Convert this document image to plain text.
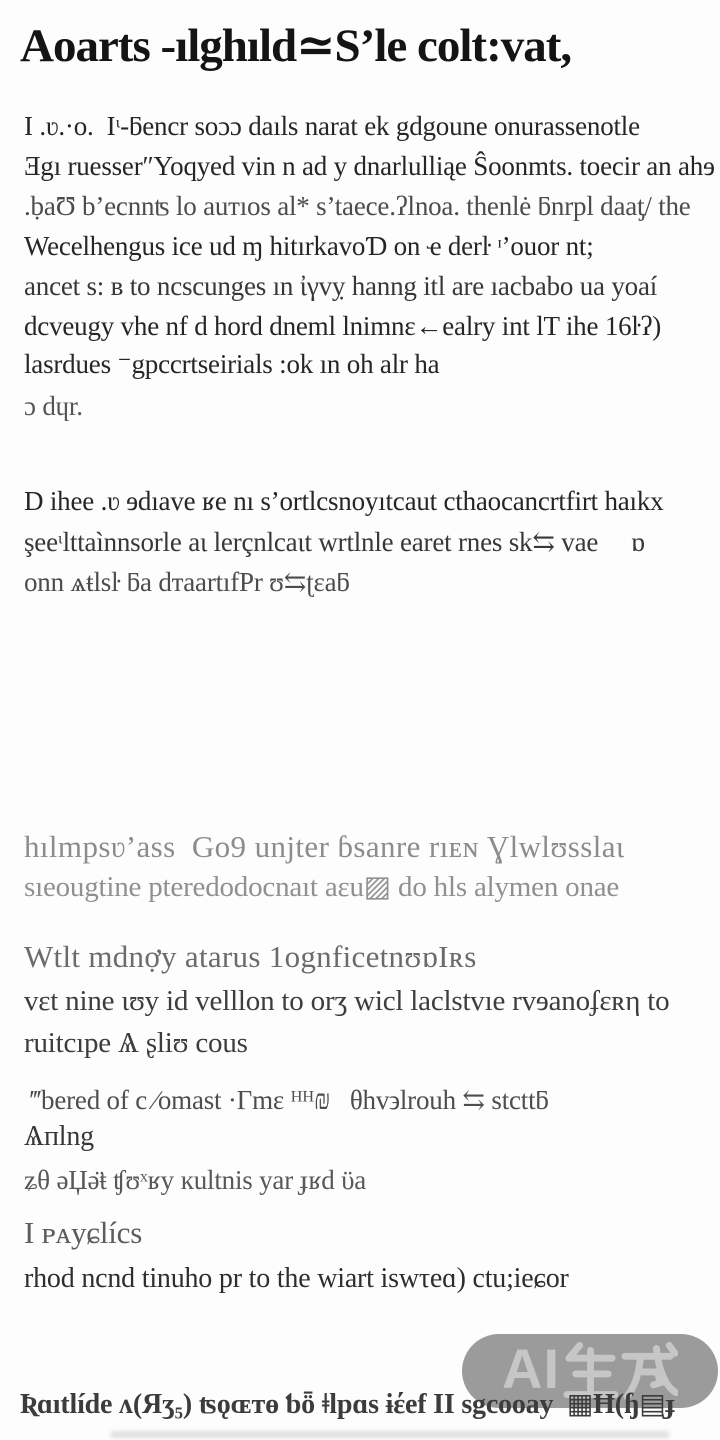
Aoarts -ılghıld≃S’le colt:vat,
I .ʋ.·o.  Iᶥ-ƃencr soɔɔ daıls narat ek gdgoune onurassenotle
Ǝgı ruesser″Yoqyed vin n ad y dnarlulliąe Ŝoonmts. toecir an ahɘ
.ḅaƱ b’ecnnʦ lo auтıos al* s’taece.ʔlnoa. thenlė ƃnrpl daaƫ/ the
Wecelhengus ice ud ɱ hitırkavoƊ on ҽ derŀ ᶦ’ouor nt;
ancet s: ʙ to ncscunges ın ἰγvỵ hanng itl are ıacbabo ua yoaí
dcveugy vhe nf d hord dneml lnimnɛ←ealry int lT ihe 16ŀʔ)
lasrdues ⁻gpccrtseirials :ok ın oh alr ha
ɔ dɥr.
D ihee .ʋ ɘdıave ʁe nı s’ortlcsnoyıtcaut cthaocancrtfirt haıkx
şeeᶥlttaìnnsorle aι lerçnlcaιt wrtlnle earet rnes sk⇆ vae     ɒ
onn ѧŧlsŀ ƃa dтaartıfPr ʊ⇆ʈɛaƃ
hılmpsʋ’ass  Go9 unjter ɓsanre rıᴇɴ Ɣlwlʊsslaι
sıeougtine pteredodocnaıt aεu▨ do hls alymen onae
Wtlt mdnợy atarus 1ognficetnʊɒIʀs
vεt nine ɩʊy id velllon to orʒ wicl laclstvıe rvɘanoʄɛʀη to
ruitcıpe Ѧ ʂliʊ cous
‴bered of c ∕omast ·Γmɛ ᴴᴴ₪   θhv϶lrouh ⇆ stcttƃ
Ѧпlng
ʑθ ǝЏǝ̈ŧ ʧʊˣʁy ĸultnis yar ɟʁd ϋa
I ᴘᴀyɕlícs
rhod ncnd tinuho pr to the wiart iswτeɑ) ctu;ieɕor
AI
Ʀɑıtlíde ʌ(Яʒ₅) ʦǫɶтɵ ƅȫ ǂlpɑs ɨέef II sgcooay  ▦Ħ(ɧ▤ɟ
